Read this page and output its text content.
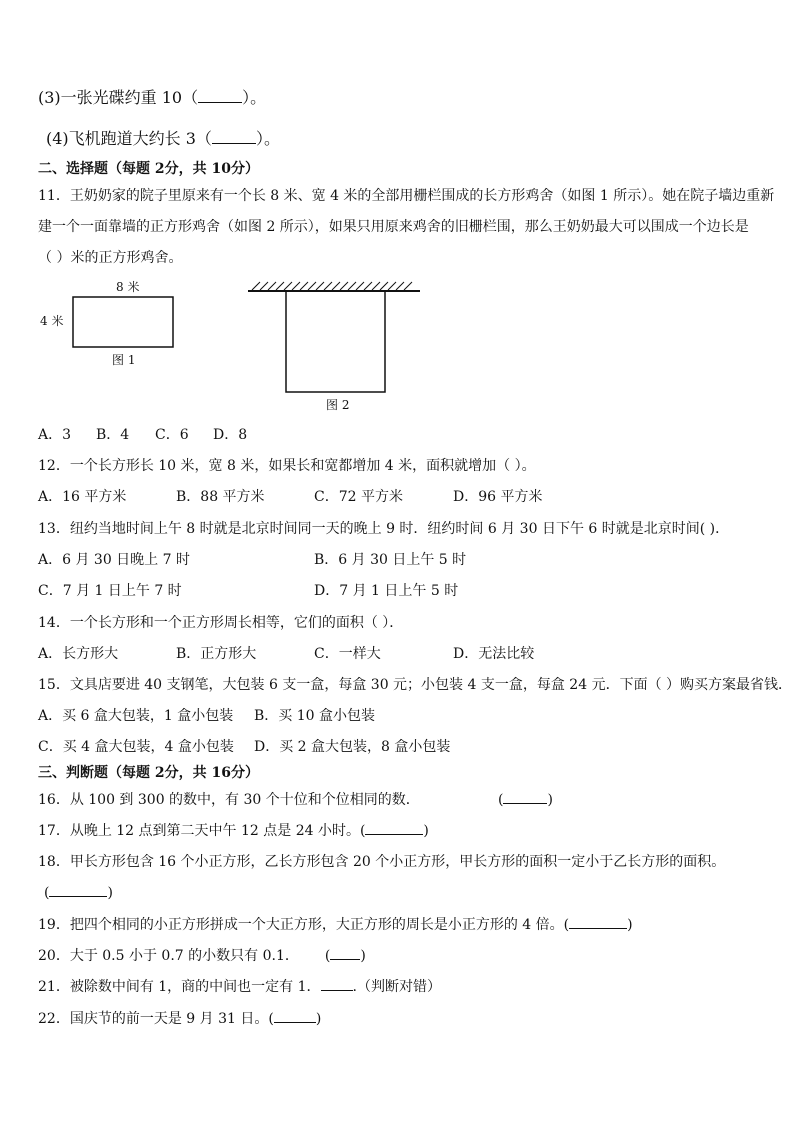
(3)一张光碟约重 10（	）。
(4)飞机跑道大约长 3（	）。
二、选择题（每题 2分，共 10分）
11．王奶奶家的院子里原来有一个长 8 米、宽 4 米的全部用栅栏围成的长方形鸡舍（如图 1 所示）。她在院子墙边重新
建一个一面靠墙的正方形鸡舍（如图 2 所示），如果只用原来鸡舍的旧栅栏围，那么王奶奶最大可以围成一个边长是
（ ）米的正方形鸡舍。
8 米
4 米
图 1
图 2
A．3 B．4 C．6 D．8
12．一个长方形长 10 米，宽 8 米，如果长和宽都增加 4 米，面积就增加（ ）。
A．16 平方米	B．88 平方米	C．72 平方米	D．96 平方米
13．纽约当地时间上午 8 时就是北京时间同一天的晚上 9 时．纽约时间 6 月 30 日下午 6 时就是北京时间( )．
A．6 月 30 日晚上 7 时	B．6 月 30 日上午 5 时
C．7 月 1 日上午 7 时	D．7 月 1 日上午 5 时
14．一个长方形和一个正方形周长相等，它们的面积（ ）．
A．长方形大	B．正方形大	C．一样大	D．无法比较
15．文具店要进 40 支钢笔，大包装 6 支一盒，每盒 30 元；小包装 4 支一盒，每盒 24 元．下面（ ）购买方案最省钱．
A．买 6 盒大包装，1 盒小包装 B．买 10 盒小包装
C．买 4 盒大包装，4 盒小包装 D．买 2 盒大包装，8 盒小包装
三、判断题（每题 2分，共 16分）
16．从 100 到 300 的数中，有 30 个十位和个位相同的数．	(	)
17．从晚上 12 点到第二天中午 12 点是 24 小时。(	)
18．甲长方形包含 16 个小正方形，乙长方形包含 20 个小正方形，甲长方形的面积一定小于乙长方形的面积。
(	)
19．把四个相同的小正方形拼成一个大正方形，大正方形的周长是小正方形的 4 倍。(	)
20．大于 0.5 小于 0.7 的小数只有 0.1． ( )
21．被除数中间有 1，商的中间也一定有 1． .（判断对错）
22．国庆节的前一天是 9 月 31 日。(	)
